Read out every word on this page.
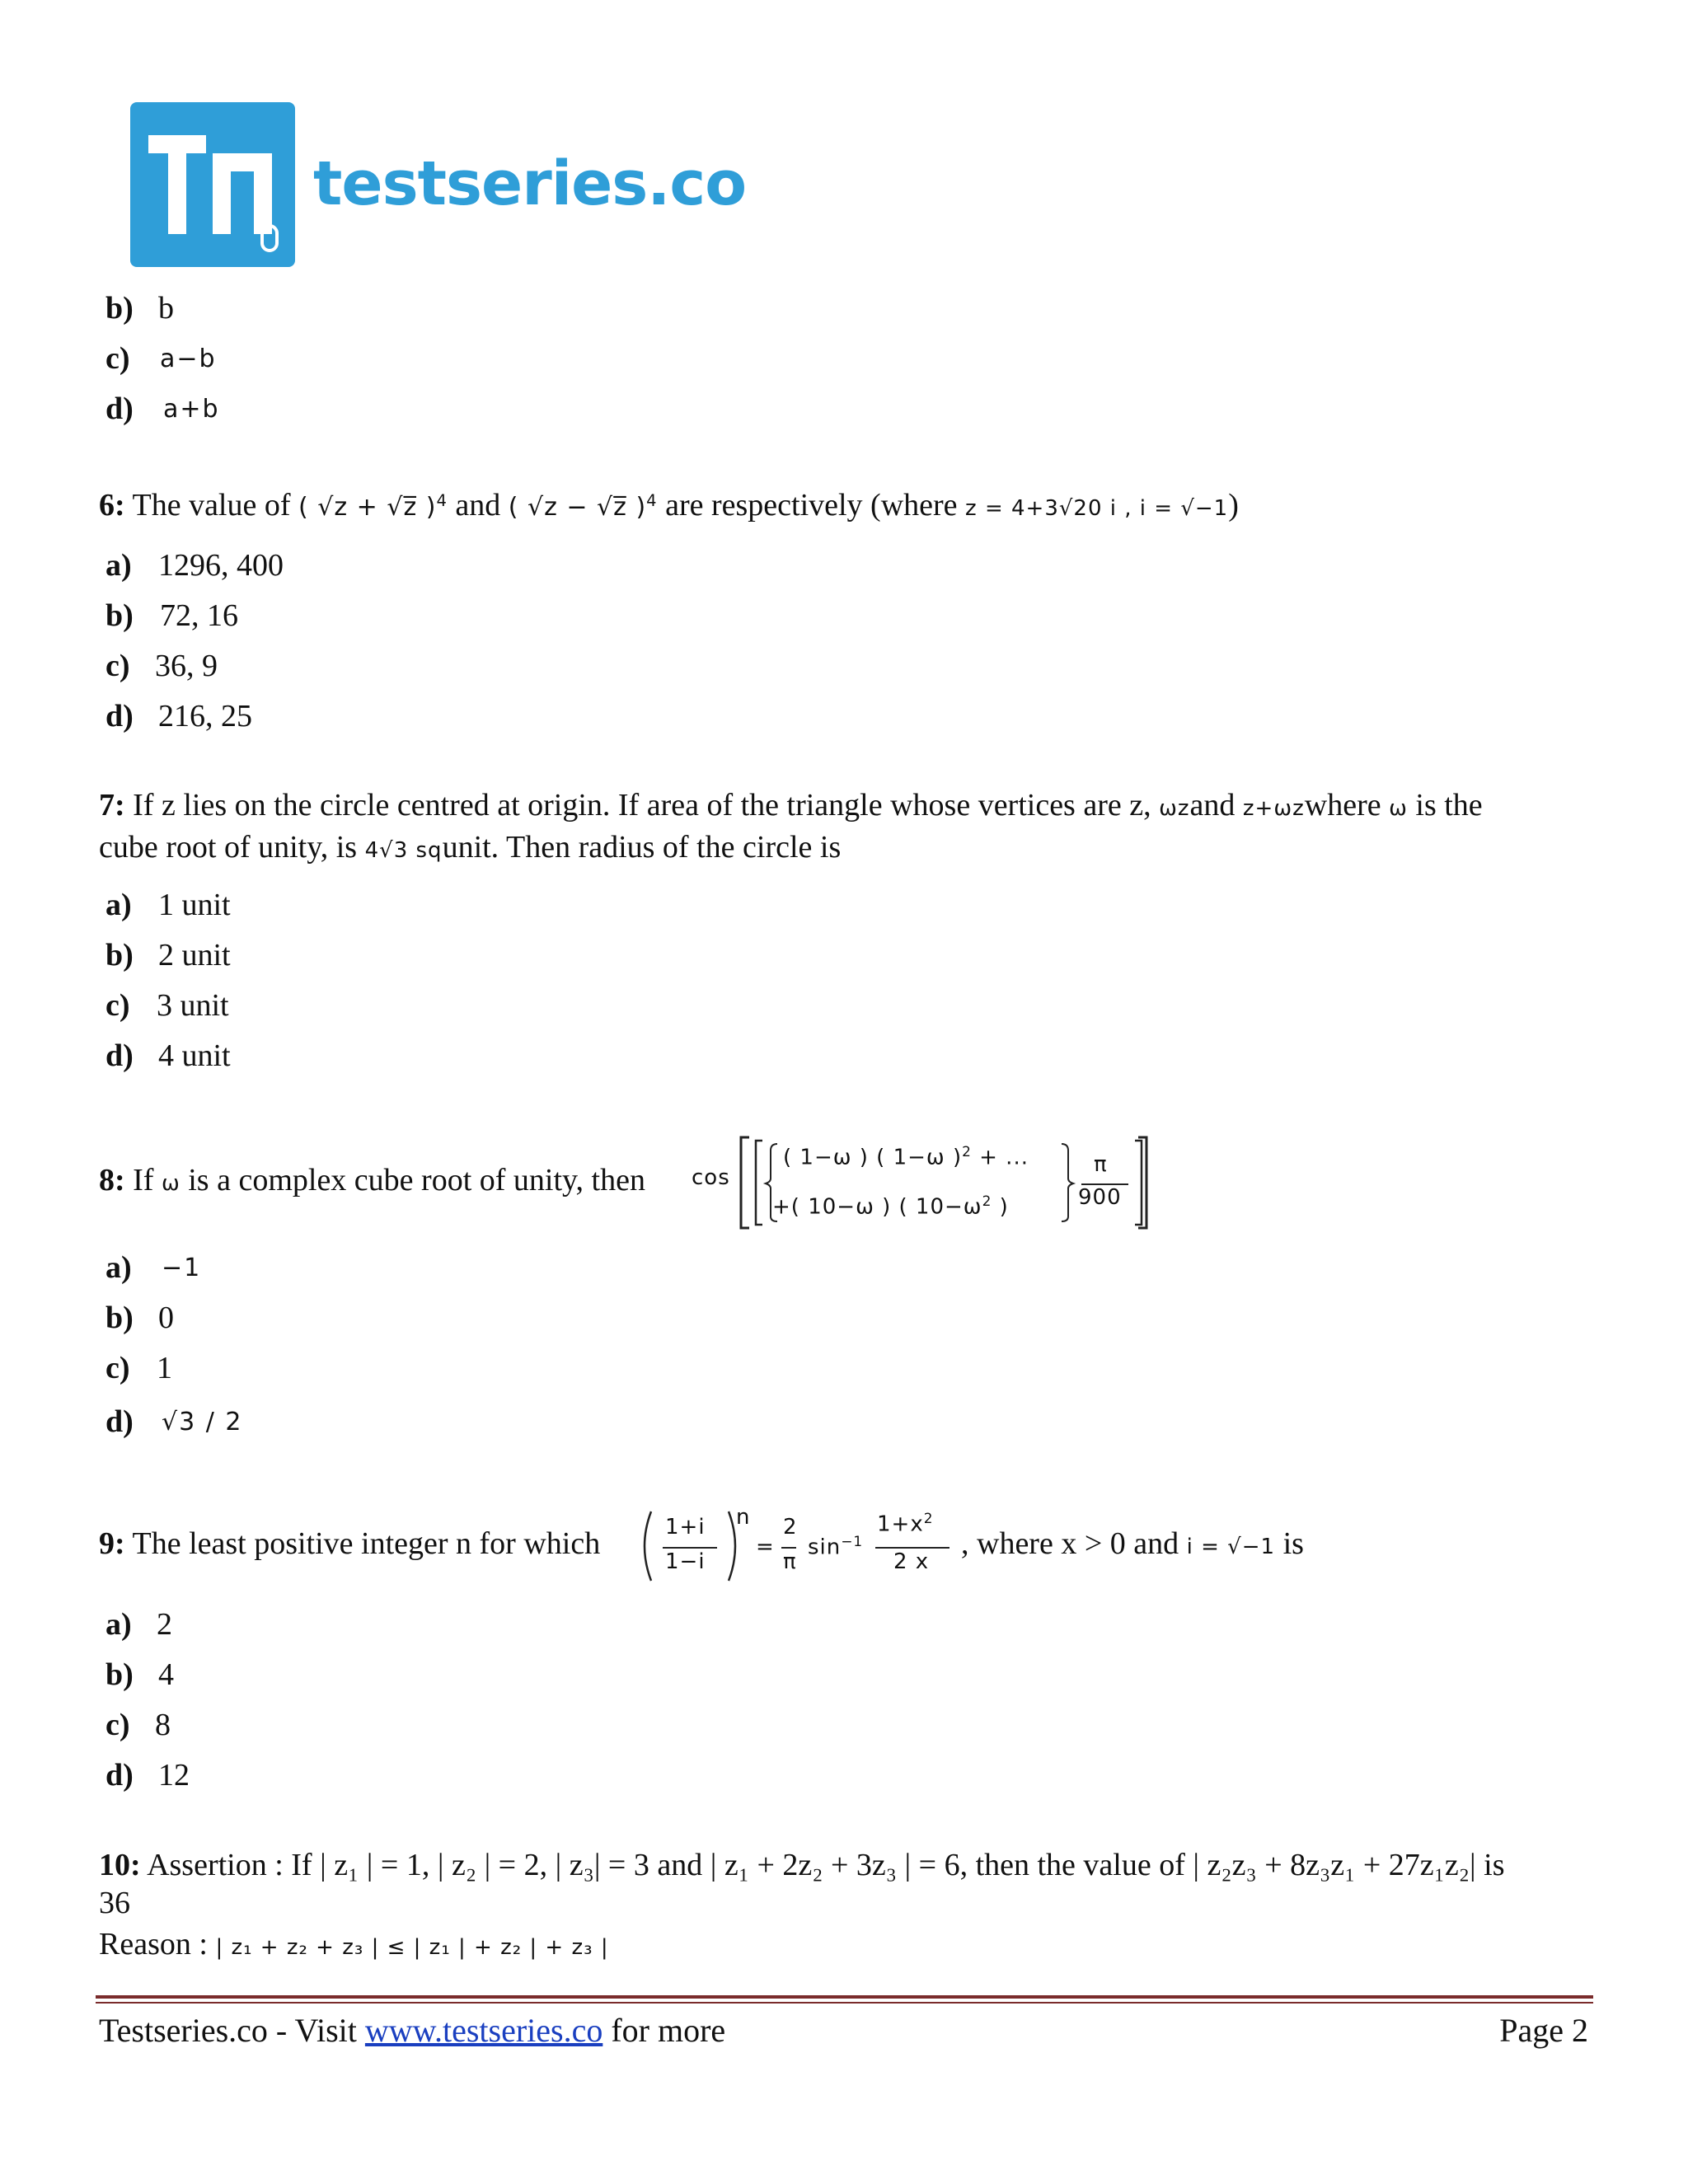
testseries.co
b) b
c) a−b
d) a+b
6: The value of ( √z + √z̅ )$^4$ and ( √z − √z̅ )$^4$ are respectively (where z = 4+3√20 i , i = √−1)
a) 1296, 400
b) 72, 16
c) 36, 9
d) 216, 25
7: If z lies on the circle centred at origin. If area of the triangle whose vertices are z, ωzand z+ωzwhere ω is the
cube root of unity, is 4√3 squnit. Then radius of the circle is
a) 1 unit
b) 2 unit
c) 3 unit
d) 4 unit
8: If ω is a complex cube root of unity, then cos
( 1−ω ) ( 1−ω )$^2$ + ...
+( 10−ω ) ( $10-\omega^2$ )
π
900
a) −1
b) 0
c) 1
d) √3 / 2
9: The least positive integer n for which	1+i
1−i
n
=
2
π
$\sin^{-1}$
$1+x^2$
2 x
, where x > 0 and i = √−1 is
a) 2
b) 4
c) 8
d) 12
10: Assertion : If | z₁ | = 1, | z₂ | = 2, | z₃| = 3 and | z₁ + 2z₂ + 3z₃ | = 6, then the value of | z₂z₃ + 8z₃z₁ + 27z₁z₂| is
36
Reason : | z₁ + z₂ + z₃ | ≤ | z₁ | + z₂ | + z₃ |
Testseries.co - Visit www.testseries.co for more	Page 2
